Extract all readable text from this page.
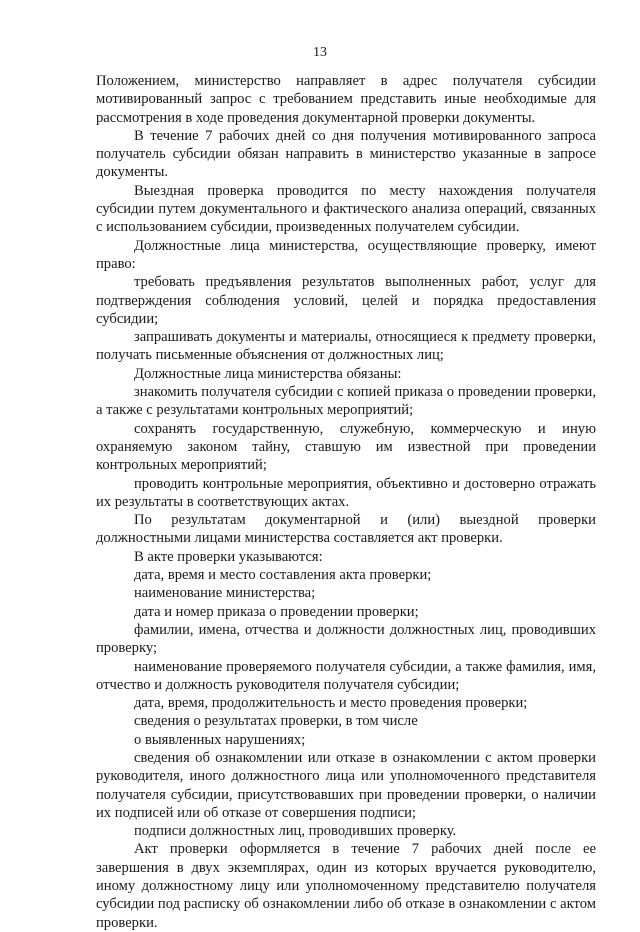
13

Положением, министерство направляет в адрес получателя субсидии мотивированный запрос с требованием представить иные необходимые для рассмотрения в ходе проведения документарной проверки документы.

В течение 7 рабочих дней со дня получения мотивированного запроса получатель субсидии обязан направить в министерство указанные в запросе документы.

Выездная проверка проводится по месту нахождения получателя субсидии путем документального и фактического анализа операций, связанных с использованием субсидии, произведенных получателем субсидии.

Должностные лица министерства, осуществляющие проверку, имеют право:

требовать предъявления результатов выполненных работ, услуг для подтверждения соблюдения условий, целей и порядка предоставления субсидии;

запрашивать документы и материалы, относящиеся к предмету проверки, получать письменные объяснения от должностных лиц;

Должностные лица министерства обязаны:

знакомить получателя субсидии с копией приказа о проведении проверки, а также с результатами контрольных мероприятий;

сохранять государственную, служебную, коммерческую и иную охраняемую законом тайну, ставшую им известной при проведении контрольных мероприятий;

проводить контрольные мероприятия, объективно и достоверно отражать их результаты в соответствующих актах.

По результатам документарной и (или) выездной проверки должностными лицами министерства составляется акт проверки.

В акте проверки указываются:

дата, время и место составления акта проверки;

наименование министерства;

дата и номер приказа о проведении проверки;

фамилии, имена, отчества и должности должностных лиц, проводивших проверку;

наименование проверяемого получателя субсидии, а также фамилия, имя, отчество и должность руководителя получателя субсидии;

дата, время, продолжительность и место проведения проверки;

сведения о результатах проверки, в том числе

о выявленных нарушениях;

сведения об ознакомлении или отказе в ознакомлении с актом проверки руководителя, иного должностного лица или уполномоченного представителя получателя субсидии, присутствовавших при проведении проверки, о наличии их подписей или об отказе от совершения подписи;

подписи должностных лиц, проводивших проверку.

Акт проверки оформляется в течение 7 рабочих дней после ее завершения в двух экземплярах, один из которых вручается руководителю, иному должностному лицу или уполномоченному представителю получателя субсидии под расписку об ознакомлении либо об отказе в ознакомлении с актом проверки.
